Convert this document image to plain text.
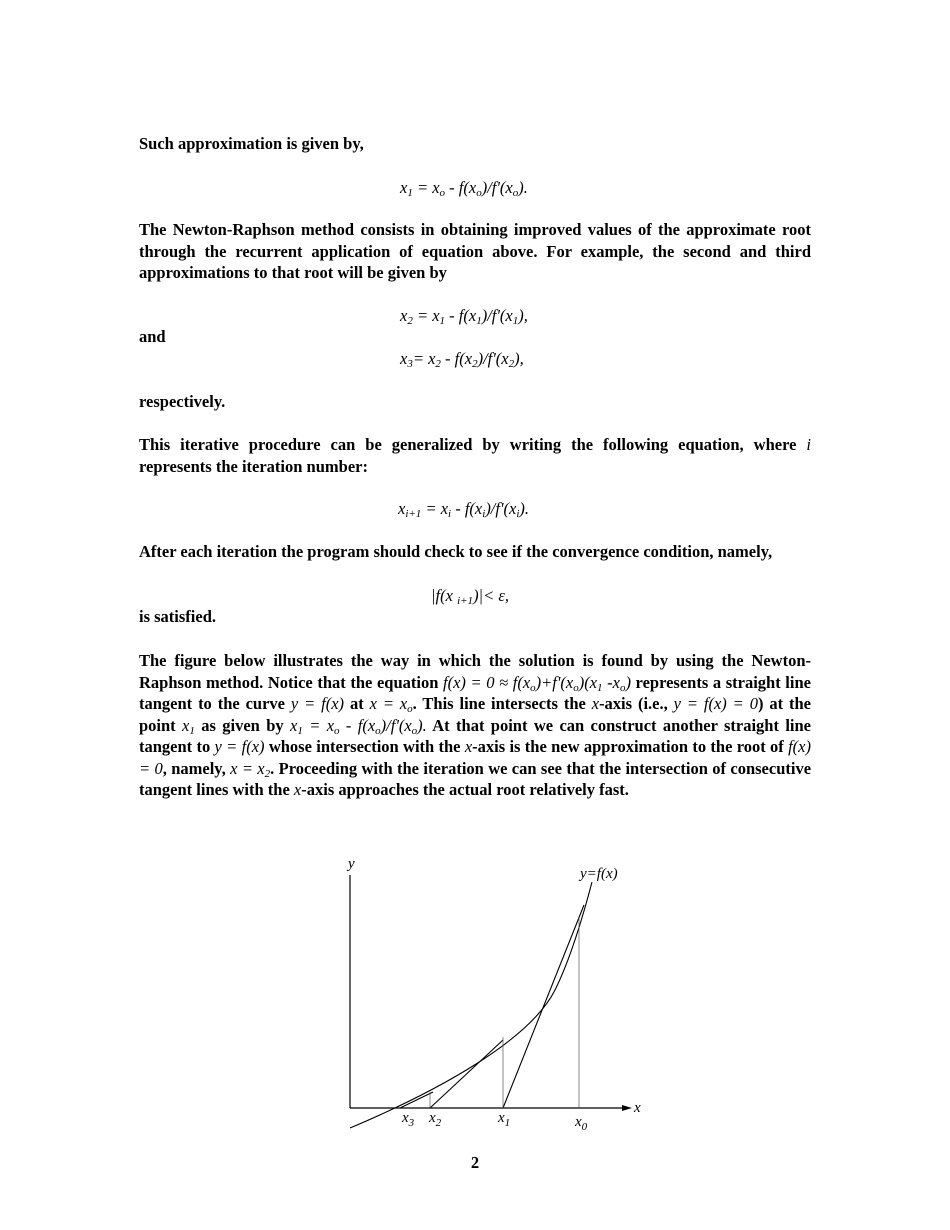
Such approximation is given by,

$x_1 = x_o - f(x_o)/f'(x_o)$.

The Newton-Raphson method consists in obtaining improved values of the approximate root through the recurrent application of equation above. For example, the second and third approximations to that root will be given by

$x_2 = x_1 - f(x_1)/f'(x_1)$,

and

$x_3= x_2 - f(x_2)/f'(x_2)$,

respectively.

This iterative procedure can be generalized by writing the following equation, where i represents the iteration number:

$x_{i+1} = x_i - f(x_i)/f'(x_i)$.

After each iteration the program should check to see if the convergence condition, namely,

|f(x $_{i+1}$)|< ε,

is satisfied.

The figure below illustrates the way in which the solution is found by using the Newton-Raphson method. Notice that the equation $f(x) = 0 \approx f(x_o)+f'(x_o)(x_1$ $-x_o$) represents a straight line tangent to the curve y = f(x) at $x = x_o$. This line intersects the x-axis (i.e., y = f(x) = 0) at the point $x_1$ as given by $x_1 = x_o - f(x_o)/f'(x_o)$. At that point we can construct another straight line tangent to y = f(x) whose intersection with the x-axis is the new approximation to the root of f(x) = 0, namely, $x = x_2$. Proceeding with the iteration we can see that the intersection of consecutive tangent lines with the x-axis approaches the actual root relatively fast.

y
x
y=f(x)
$x_3$ $x_2$	$x_1$	$x_0$
2
